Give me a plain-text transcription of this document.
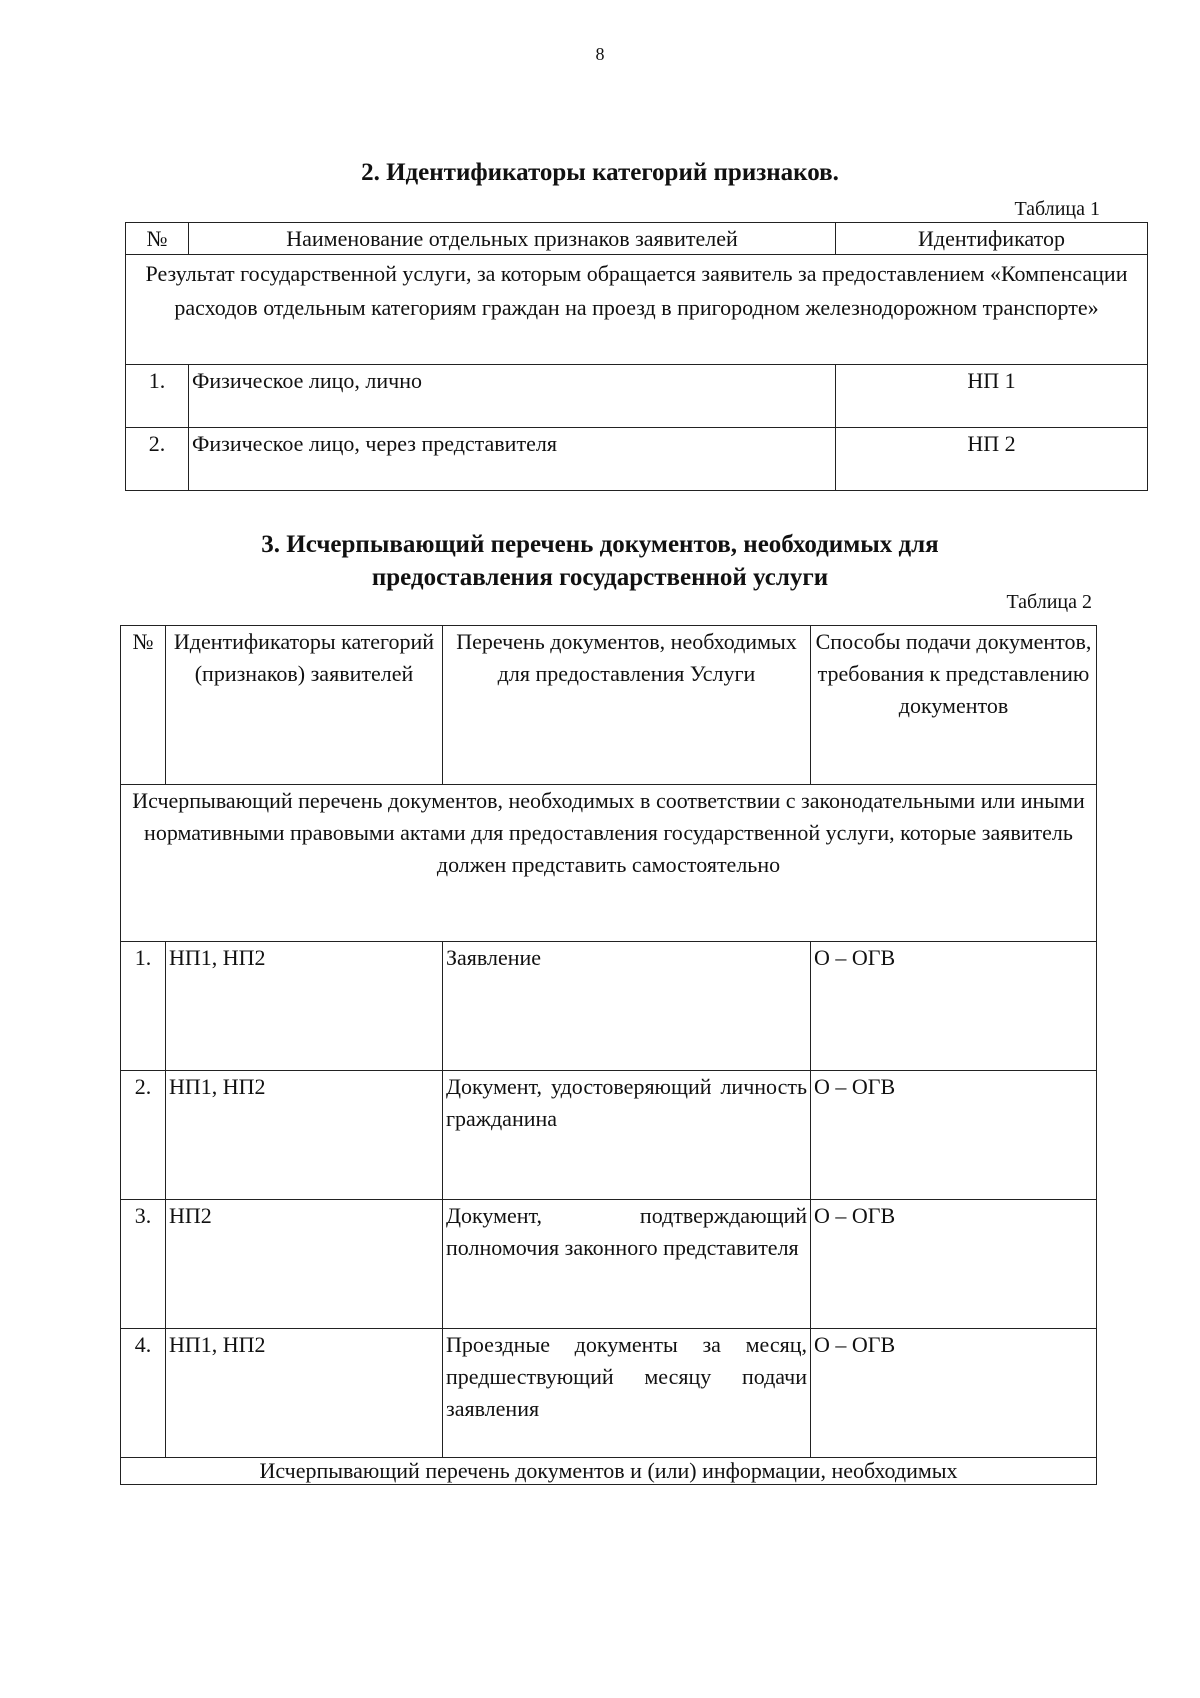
8
2. Идентификаторы категорий признаков.
Таблица 1
№	Наименование отдельных признаков заявителей	Идентификатор
Результат государственной услуги, за которым обращается заявитель за предоставлением «Компенсации расходов отдельным категориям граждан на проезд в пригородном железнодорожном транспорте»		
1.	Физическое лицо, лично	НП 1
2.	Физическое лицо, через представителя	НП 2
3. Исчерпывающий перечень документов, необходимых для
предоставления государственной услуги
Таблица 2
№	Идентификаторы категорий (признаков) заявителей	Перечень документов, необходимых для предоставления Услуги	Способы подачи документов, требования к представлению документов
Исчерпывающий перечень документов, необходимых в соответствии с законодательными или иными нормативными правовыми актами для предоставления государственной услуги, которые заявитель должен представить самостоятельно			
1.	НП1, НП2	Заявление	О – ОГВ
2.	НП1, НП2	Документ, удостоверяющий личность гражданина	О – ОГВ
3.	НП2	Документ, подтверждающий полномочия законного представителя	О – ОГВ
4.	НП1, НП2	Проездные документы за месяц, предшествующий месяцу подачи заявления	О – ОГВ
Исчерпывающий перечень документов и (или) информации, необходимых			
